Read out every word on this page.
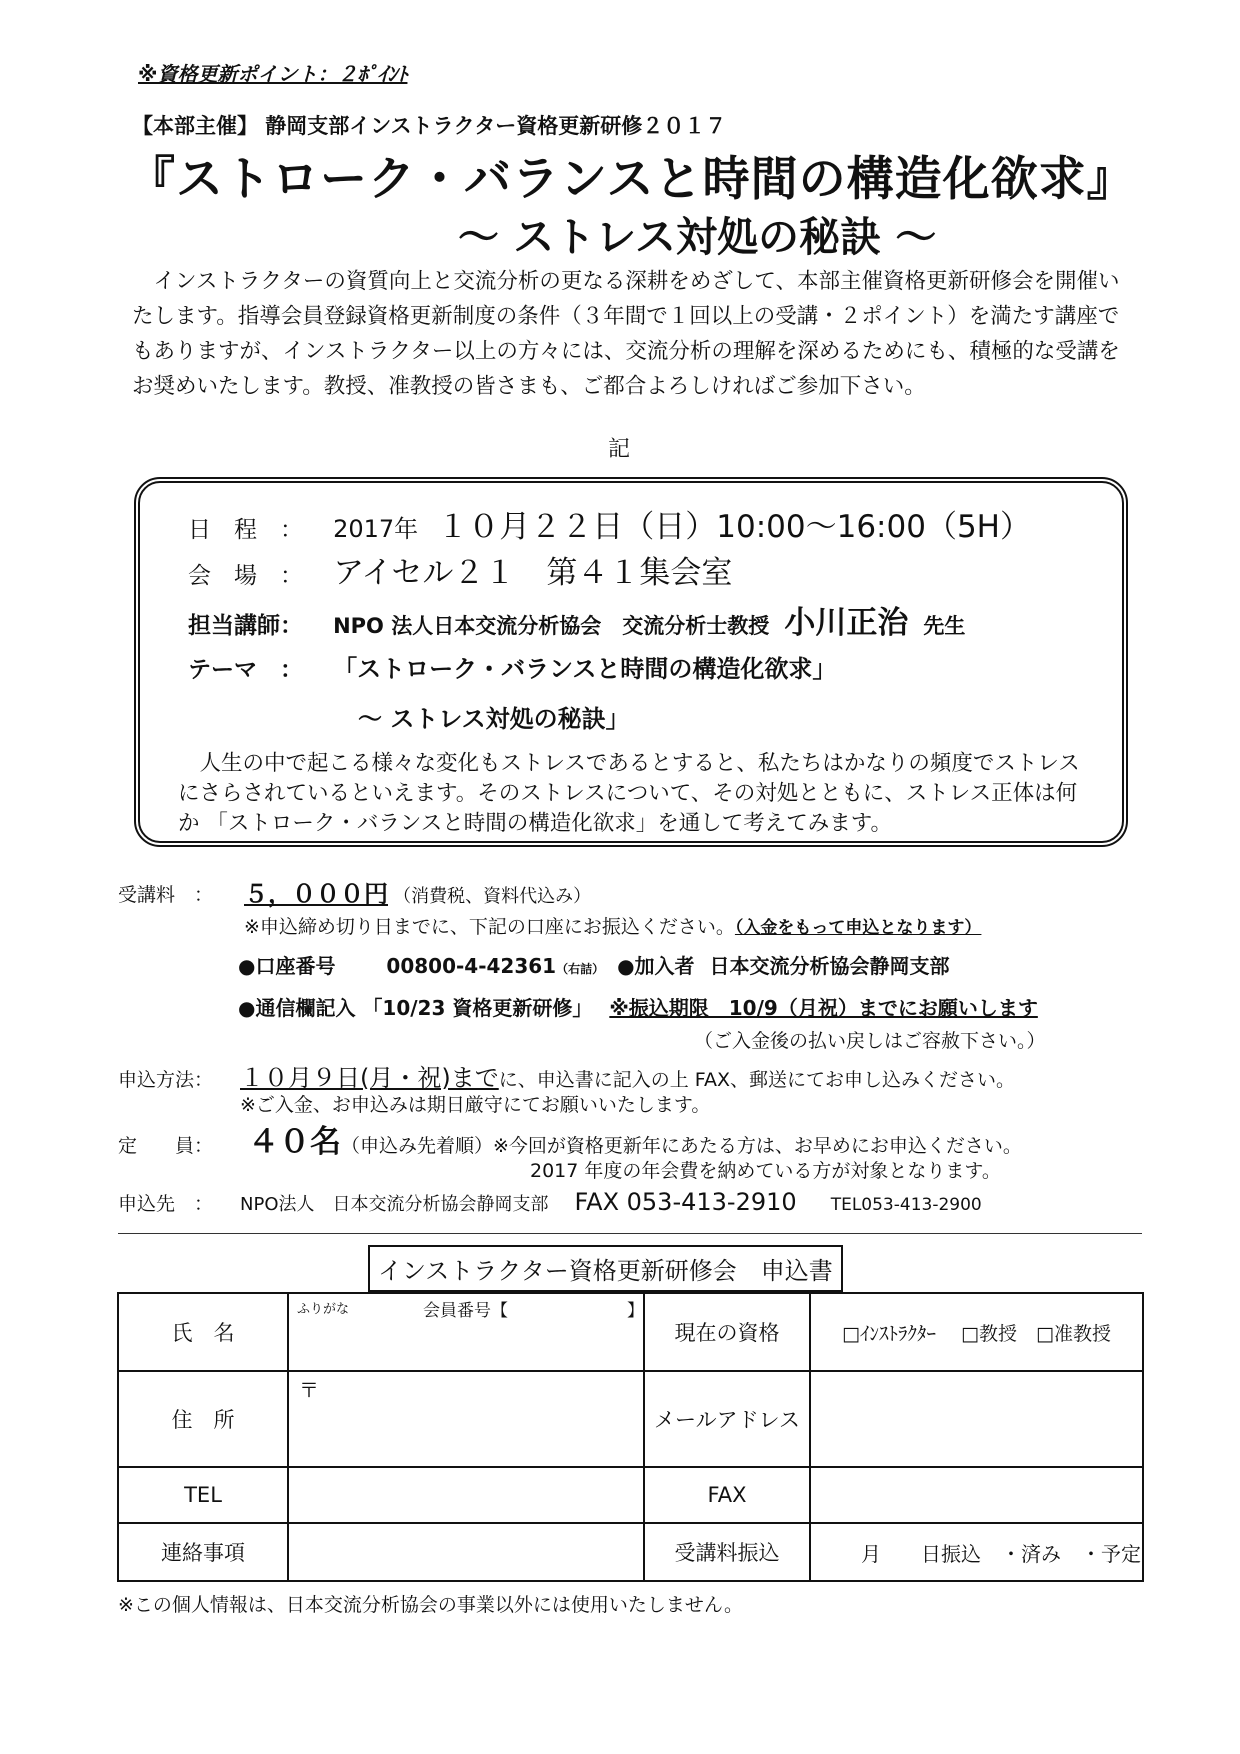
※資格更新ポイント：２ﾎﾟｲﾝﾄ
【本部主催】 静岡支部インストラクター資格更新研修２０１７
『ストローク・バランスと時間の構造化欲求』
～ ストレス対処の秘訣 ～
　インストラクターの資質向上と交流分析の更なる深耕をめざして、本部主催資格更新研修会を開催いたします。指導会員登録資格更新制度の条件（３年間で１回以上の受講・２ポイント）を満たす講座でもありますが、インストラクター以上の方々には、交流分析の理解を深めるためにも、積極的な受講をお奨めいたします。教授、准教授の皆さまも、ご都合よろしければご参加下さい。
記
日　程　： 2017年 １０月２２日（日）10:00～16:00（5H）
会　場　： アイセル２１　第４１集会室
担当講師： NPO 法人日本交流分析協会　交流分析士教授 小川正治 先生
テーマ　： 「ストローク・バランスと時間の構造化欲求」
～ ストレス対処の秘訣」
　人生の中で起こる様々な変化もストレスであるとすると、私たちはかなりの頻度でストレスにさらされているといえます。そのストレスについて、その対処とともに、ストレス正体は何か 「ストローク・バランスと時間の構造化欲求」を通して考えてみます。
受講料　： ５，０００円 （消費税、資料代込み）
※申込締め切り日までに、下記の口座にお振込ください。（入金をもって申込となります）
●口座番号	00800-4-42361（右詰） ●加入者 日本交流分析協会静岡支部
●通信欄記入 「10/23 資格更新研修」 ※振込期限　10/9（月祝）までにお願いします
（ご入金後の払い戻しはご容赦下さい。）
申込方法： １０月９日(月・祝)までに、申込書に記入の上 FAX、郵送にてお申し込みください。
※ご入金、お申込みは期日厳守にてお願いいたします。
定　　員： ４０名（申込み先着順）※今回が資格更新年にあたる方は、お早めにお申込ください。
2017 年度の年会費を納めている方が対象となります。
申込先　： NPO法人　日本交流分析協会静岡支部 FAX 053-413-2910 TEL053-413-2900
インストラクター資格更新研修会　申込書
氏　名	ふりがな 会員番号【　　　　　　　】	現在の資格	□ｲﾝｽﾄﾗｸﾀｰ　 □教授　□准教授
住　所	〒	メールアドレス	
TEL		FAX	
連絡事項		受講料振込	月　　日振込　・済み　・予定
※この個人情報は、日本交流分析協会の事業以外には使用いたしません。
